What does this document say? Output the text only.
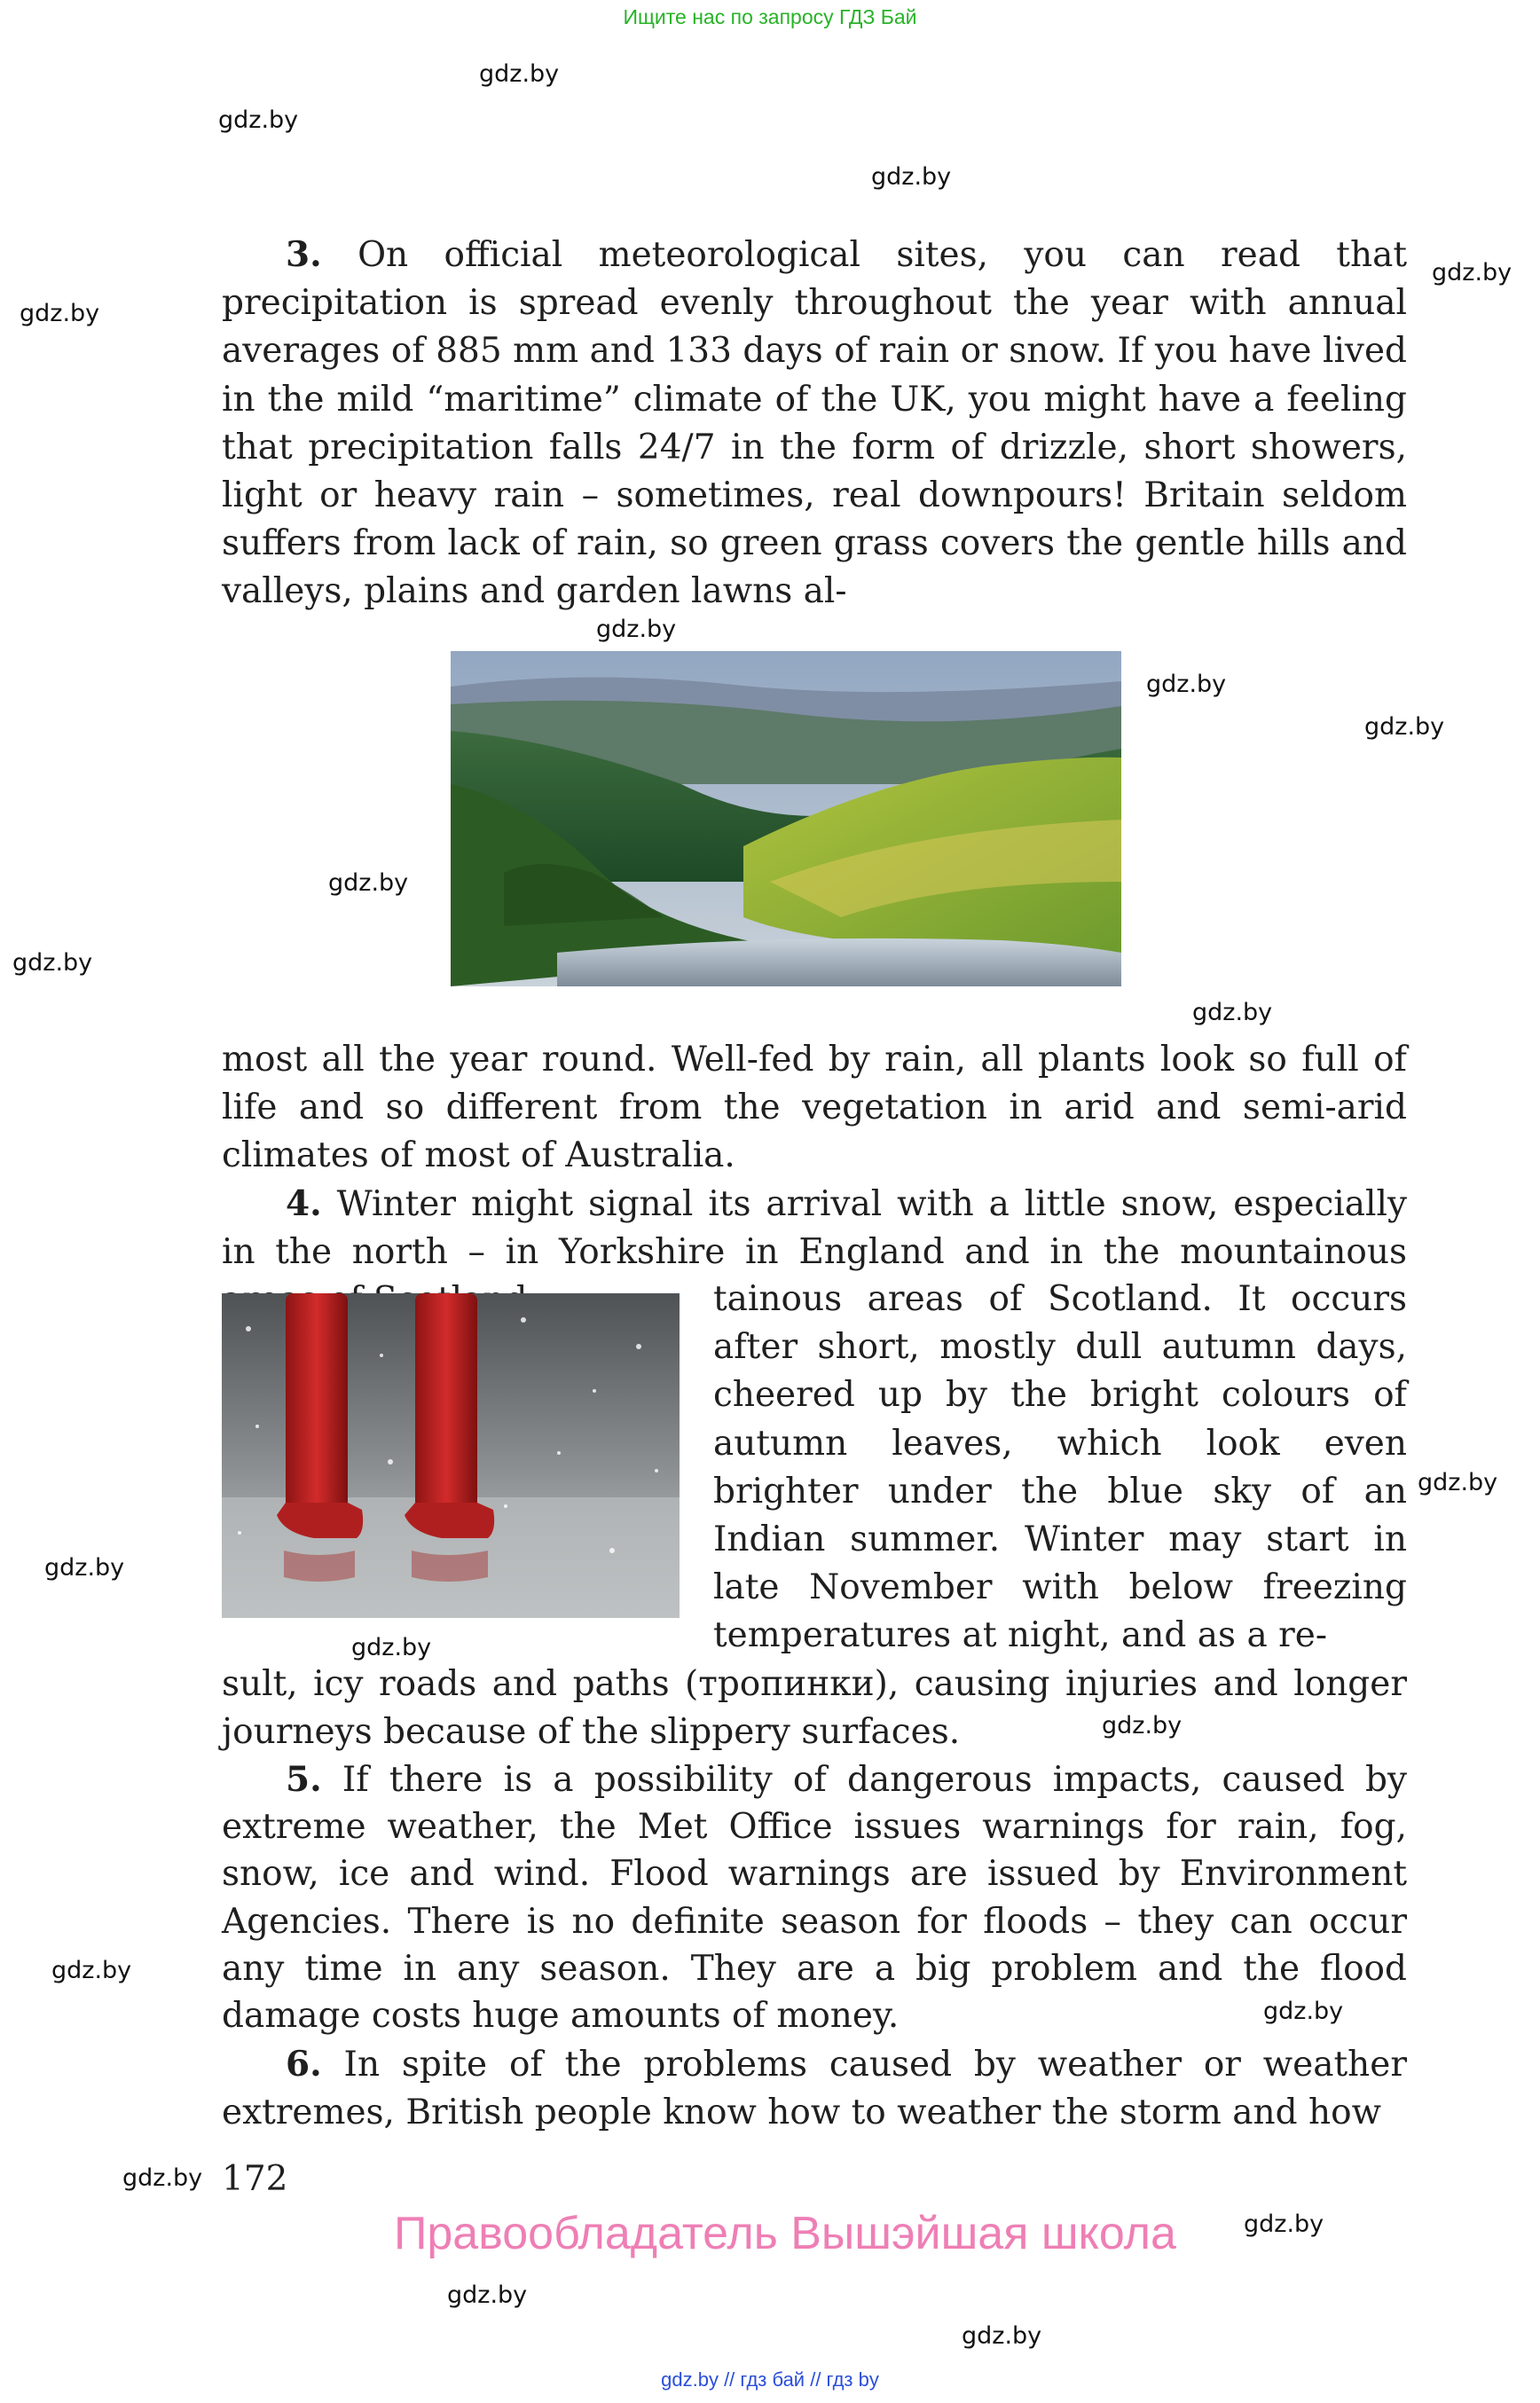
Ищите нас по запросу ГДЗ Бай
gdz.by
gdz.by
gdz.by
gdz.by
gdz.by
gdz.by
gdz.by
gdz.by
gdz.by
gdz.by
gdz.by
gdz.by
gdz.by
gdz.by
gdz.by
gdz.by
gdz.by
gdz.by
gdz.by
gdz.by
gdz.by

3. On official meteorological sites, you can read that precipitation is spread evenly throughout the year with annual averages of 885 mm and 133 days of rain or snow. If you have lived in the mild “maritime” climate of the UK, you might have a feeling that precipitation falls 24/7 in the form of drizzle, short showers, light or heavy rain – sometimes, real downpours! Britain seldom suffers from lack of rain, so green grass covers the gentle hills and valleys, plains and garden lawns al-

most all the year round. Well-fed by rain, all plants look so full of life and so different from the vegetation in arid and semi-arid climates of most of Australia.

4. Winter might signal its arrival with a little snow, especially in the north – in Yorkshire in England and in the mountainous

tainous areas of Scotland. It occurs after short, mostly dull autumn days, cheered up by the bright colours of autumn leaves, which look even brighter under the blue sky of an Indian summer. Winter may start in late November with below freezing temperatures at night, and as a re-

sult, icy roads and paths (тропинки), causing injuries and longer journeys because of the slippery surfaces.

5. If there is a possibility of dangerous impacts, caused by extreme weather, the Met Office issues warnings for rain, fog, snow, ice and wind. Flood warnings are issued by Environment Agencies. There is no definite season for floods – they can occur any time in any season. They are a big problem and the flood damage costs huge amounts of money.

6. In spite of the problems caused by weather or weather extremes, British people know how to weather the storm and how

172
Правообладатель Вышэйшая школа
gdz.by // гдз бай // гдз by
